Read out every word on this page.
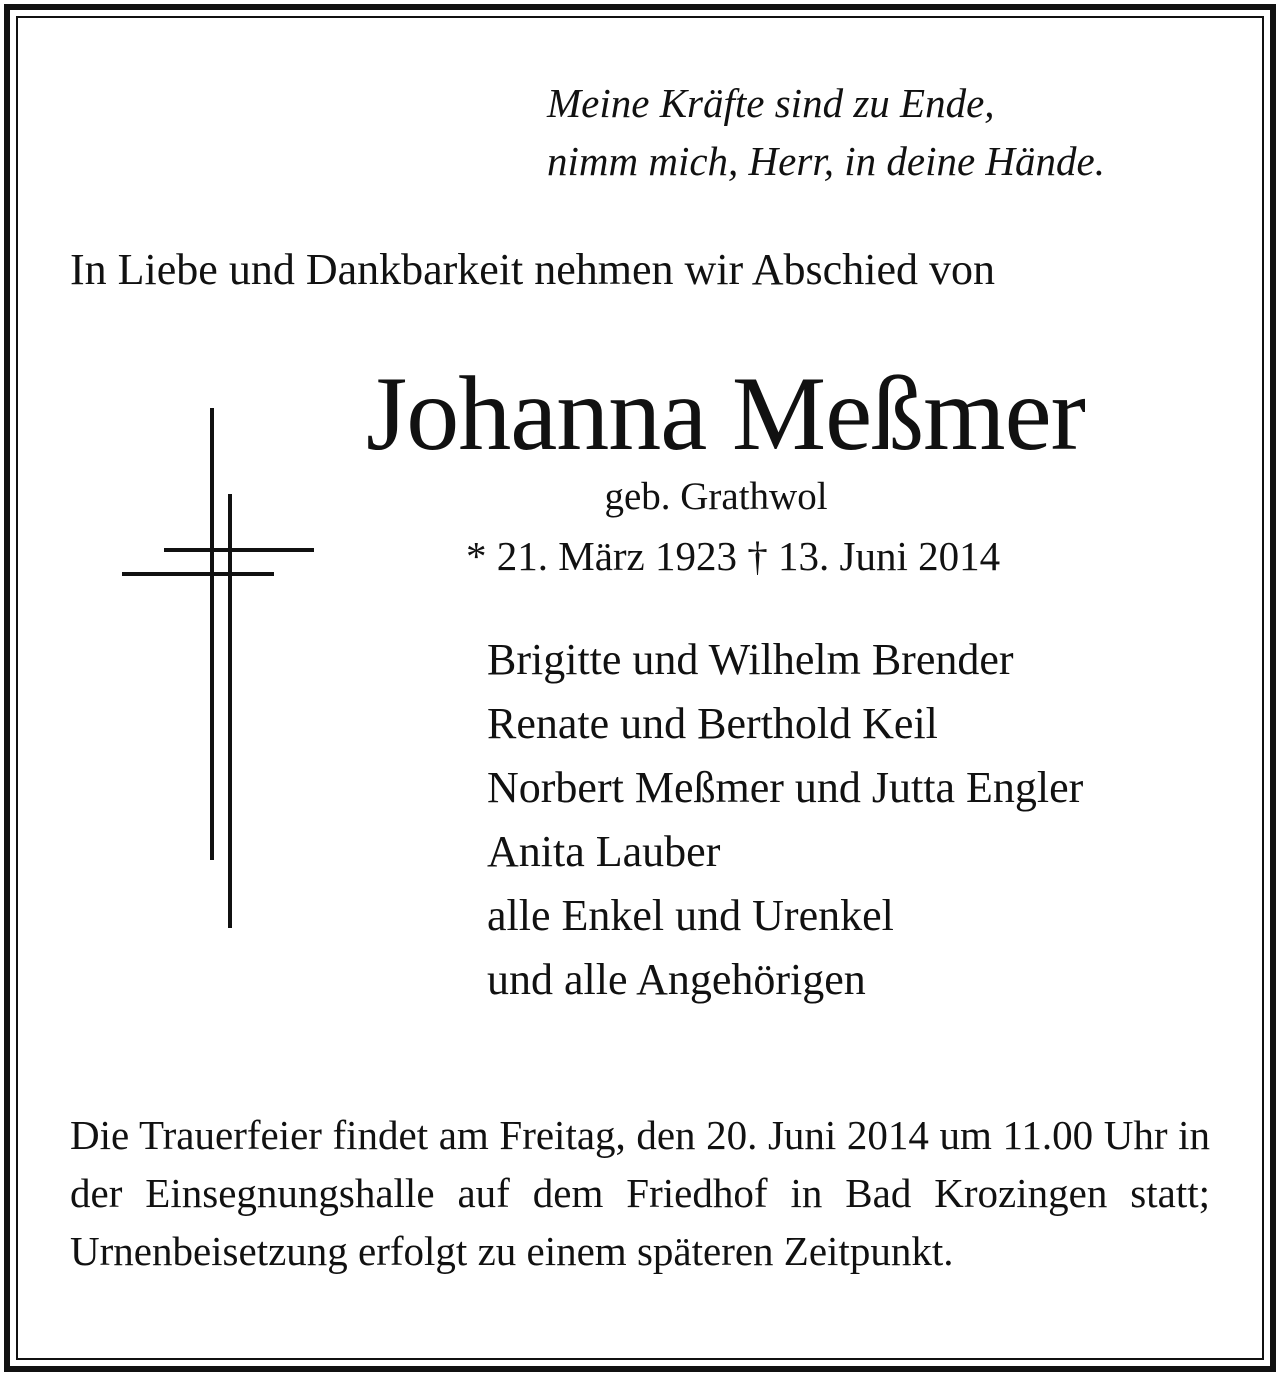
Meine Kräfte sind zu Ende,
nimm mich, Herr, in deine Hände.
In Liebe und Dankbarkeit nehmen wir Abschied von
Johanna Meßmer
geb. Grathwol
* 21. März 1923 † 13. Juni 2014
Brigitte und Wilhelm Brender
Renate und Berthold Keil
Norbert Meßmer und Jutta Engler
Anita Lauber
alle Enkel und Urenkel
und alle Angehörigen

Die Trauerfeier findet am Freitag, den 20. Juni 2014 um 11.00 Uhr in der Einsegnungshalle auf dem Friedhof in Bad Krozingen statt; Urnenbeisetzung erfolgt zu einem späteren Zeitpunkt.
